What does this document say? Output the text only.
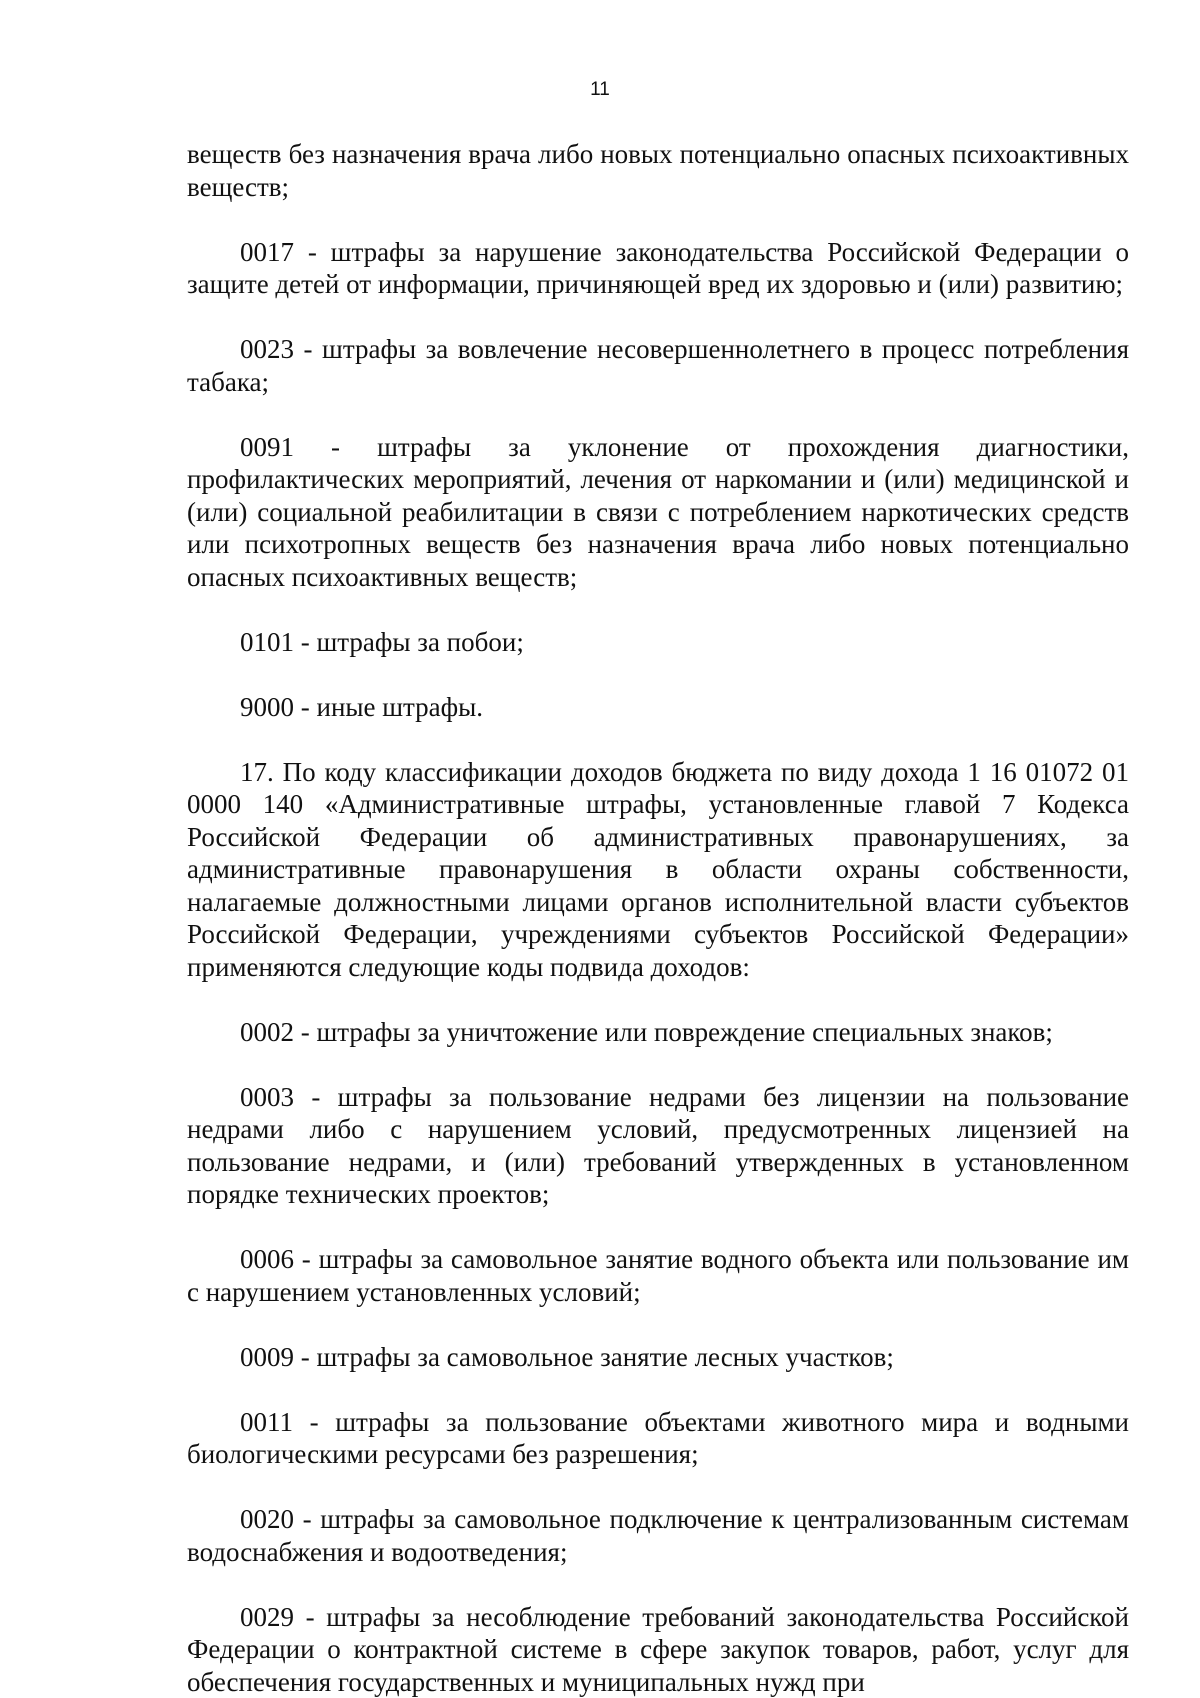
11

веществ без назначения врача либо новых потенциально опасных психоактивных веществ;

0017 - штрафы за нарушение законодательства Российской Федерации о защите детей от информации, причиняющей вред их здоровью и (или) развитию;

0023 - штрафы за вовлечение несовершеннолетнего в процесс потребления табака;

0091 - штрафы за уклонение от прохождения диагностики, профилактических мероприятий, лечения от наркомании и (или) медицинской и (или) социальной реабилитации в связи с потреблением наркотических средств или психотропных веществ без назначения врача либо новых потенциально опасных психоактивных веществ;

0101 - штрафы за побои;

9000 - иные штрафы.

17. По коду классификации доходов бюджета по виду дохода 1 16 01072 01 0000 140 «Административные штрафы, установленные главой 7 Кодекса Российской Федерации об административных правонарушениях, за административные правонарушения в области охраны собственности, налагаемые должностными лицами органов исполнительной власти субъектов Российской Федерации, учреждениями субъектов Российской Федерации» применяются следующие коды подвида доходов:

0002 - штрафы за уничтожение или повреждение специальных знаков;

0003 - штрафы за пользование недрами без лицензии на пользование недрами либо с нарушением условий, предусмотренных лицензией на пользование недрами, и (или) требований утвержденных в установленном порядке технических проектов;

0006 - штрафы за самовольное занятие водного объекта или пользование им с нарушением установленных условий;

0009 - штрафы за самовольное занятие лесных участков;

0011 - штрафы за пользование объектами животного мира и водными биологическими ресурсами без разрешения;

0020 - штрафы за самовольное подключение к централизованным системам водоснабжения и водоотведения;

0029 - штрафы за несоблюдение требований законодательства Российской Федерации о контрактной системе в сфере закупок товаров, работ, услуг для обеспечения государственных и муниципальных нужд при
